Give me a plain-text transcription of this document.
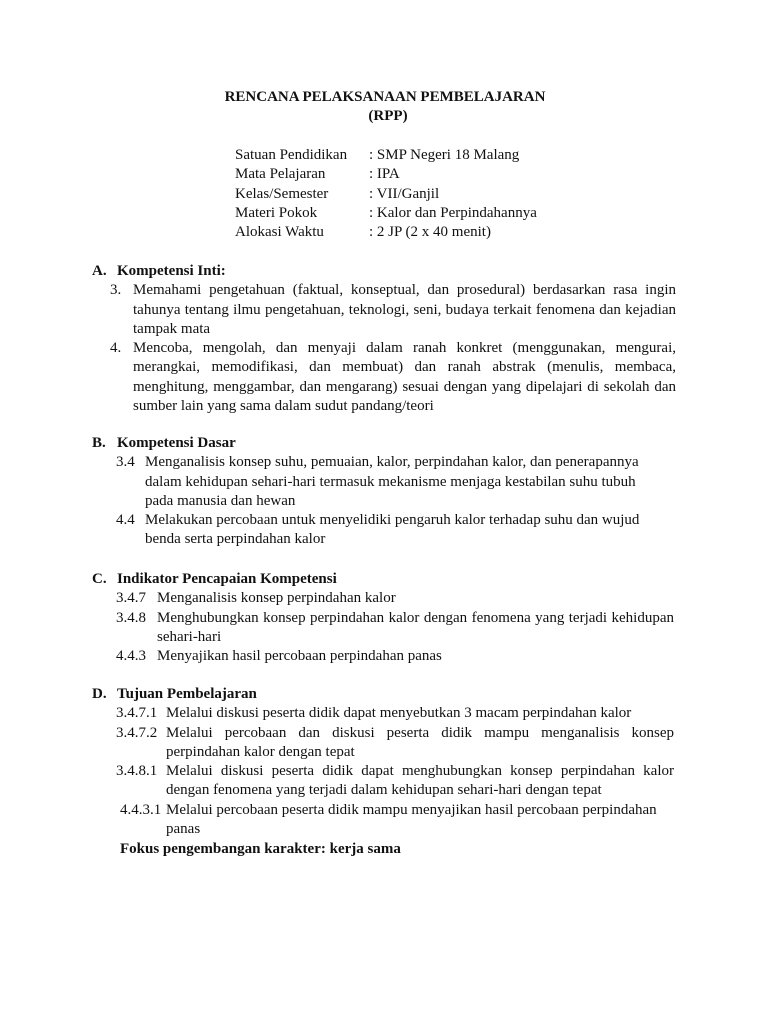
RENCANA PELAKSANAAN PEMBELAJARAN
(RPP)
Satuan Pendidikan : SMP Negeri 18 Malang
Mata Pelajaran	: IPA
Kelas/Semester	: VII/Ganjil
Materi Pokok	: Kalor dan Perpindahannya
Alokasi Waktu	: 2 JP (2 x 40 menit)
A. Kompetensi Inti:
3. Memahami pengetahuan (faktual, konseptual, dan prosedural) berdasarkan rasa ingin tahunya tentang ilmu pengetahuan, teknologi, seni, budaya terkait fenomena dan kejadian tampak mata
4. Mencoba, mengolah, dan menyaji dalam ranah konkret (menggunakan, mengurai, merangkai, memodifikasi, dan membuat) dan ranah abstrak (menulis, membaca, menghitung, menggambar, dan mengarang) sesuai dengan yang dipelajari di sekolah dan sumber lain yang sama dalam sudut pandang/teori
B. Kompetensi Dasar
3.4 Menganalisis konsep suhu, pemuaian, kalor, perpindahan kalor, dan penerapannya dalam kehidupan sehari-hari termasuk mekanisme menjaga kestabilan suhu tubuh pada manusia dan hewan
4.4 Melakukan percobaan untuk menyelidiki pengaruh kalor terhadap suhu dan wujud benda serta perpindahan kalor
C. Indikator Pencapaian Kompetensi
3.4.7 Menganalisis konsep perpindahan kalor
3.4.8 Menghubungkan konsep perpindahan kalor dengan fenomena yang terjadi kehidupan sehari-hari
4.4.3 Menyajikan hasil percobaan perpindahan panas
D. Tujuan Pembelajaran
3.4.7.1 Melalui diskusi peserta didik dapat menyebutkan 3 macam perpindahan kalor
3.4.7.2 Melalui percobaan dan diskusi peserta didik mampu menganalisis konsep perpindahan kalor dengan tepat
3.4.8.1 Melalui diskusi peserta didik dapat menghubungkan konsep perpindahan kalor dengan fenomena yang terjadi dalam kehidupan sehari-hari dengan tepat
4.4.3.1 Melalui percobaan peserta didik mampu menyajikan hasil percobaan perpindahan panas
Fokus pengembangan karakter: kerja sama
